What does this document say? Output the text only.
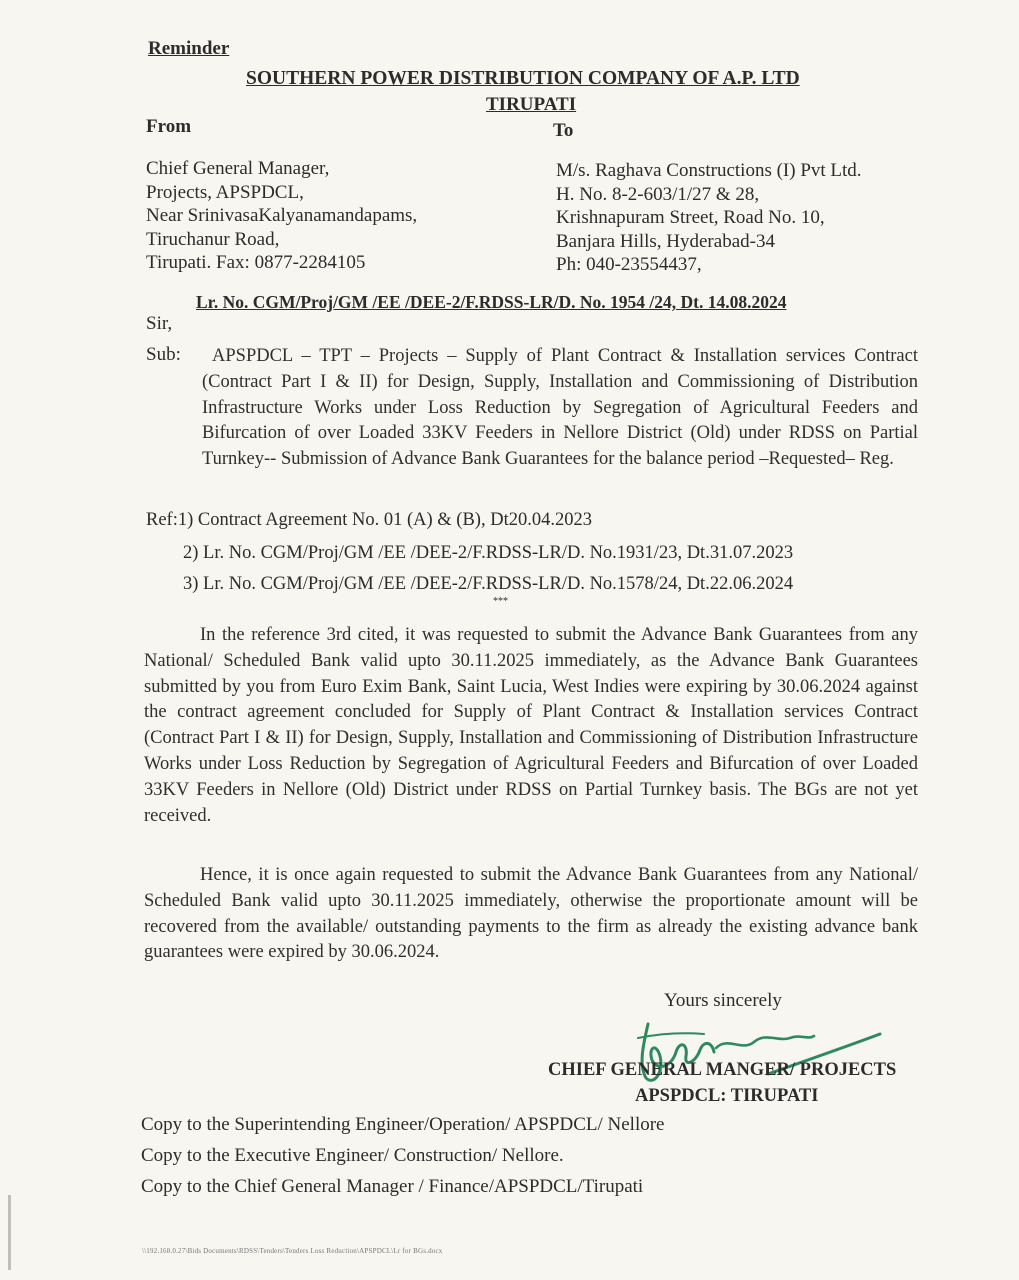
Reminder
SOUTHERN POWER DISTRIBUTION COMPANY OF A.P. LTD
TIRUPATI
From	To
Chief General Manager,
Projects, APSPDCL,
Near SrinivasaKalyanamandapams,
Tiruchanur Road,
Tirupati. Fax: 0877-2284105
M/s. Raghava Constructions (I) Pvt Ltd.
H. No. 8-2-603/1/27 & 28,
Krishnapuram Street, Road No. 10,
Banjara Hills, Hyderabad-34
Ph: 040-23554437,
Lr. No. CGM/Proj/GM /EE /DEE-2/F.RDSS-LR/D. No. 1954 /24, Dt. 14.08.2024
Sir,
Sub:	APSPDCL – TPT – Projects – Supply of Plant Contract & Installation services Contract (Contract Part I & II) for Design, Supply, Installation and Commissioning of Distribution Infrastructure Works under Loss Reduction by Segregation of Agricultural Feeders and Bifurcation of over Loaded 33KV Feeders in Nellore District (Old) under RDSS on Partial Turnkey-- Submission of Advance Bank Guarantees for the balance period –Requested– Reg.
Ref:1) Contract Agreement No. 01 (A) & (B), Dt20.04.2023
2) Lr. No. CGM/Proj/GM /EE /DEE-2/F.RDSS-LR/D. No.1931/23, Dt.31.07.2023
3) Lr. No. CGM/Proj/GM /EE /DEE-2/F.RDSS-LR/D. No.1578/24, Dt.22.06.2024
***
In the reference 3rd cited, it was requested to submit the Advance Bank Guarantees from any National/ Scheduled Bank valid upto 30.11.2025 immediately, as the Advance Bank Guarantees submitted by you from Euro Exim Bank, Saint Lucia, West Indies were expiring by 30.06.2024 against the contract agreement concluded for Supply of Plant Contract & Installation services Contract (Contract Part I & II) for Design, Supply, Installation and Commissioning of Distribution Infrastructure Works under Loss Reduction by Segregation of Agricultural Feeders and Bifurcation of over Loaded 33KV Feeders in Nellore (Old) District under RDSS on Partial Turnkey basis. The BGs are not yet received.
Hence, it is once again requested to submit the Advance Bank Guarantees from any National/ Scheduled Bank valid upto 30.11.2025 immediately, otherwise the proportionate amount will be recovered from the available/ outstanding payments to the firm as already the existing advance bank guarantees were expired by 30.06.2024.
Yours sincerely
CHIEF GENERAL MANGER/ PROJECTS
APSPDCL: TIRUPATI
Copy to the Superintending Engineer/Operation/ APSPDCL/ Nellore
Copy to the Executive Engineer/ Construction/ Nellore.
Copy to the Chief General Manager / Finance/APSPDCL/Tirupati
\\192.168.0.27\Bids Documents\RDSS\Tenders\Tenders Loss Reduction\APSPDCL\Lr for BGs.docx
